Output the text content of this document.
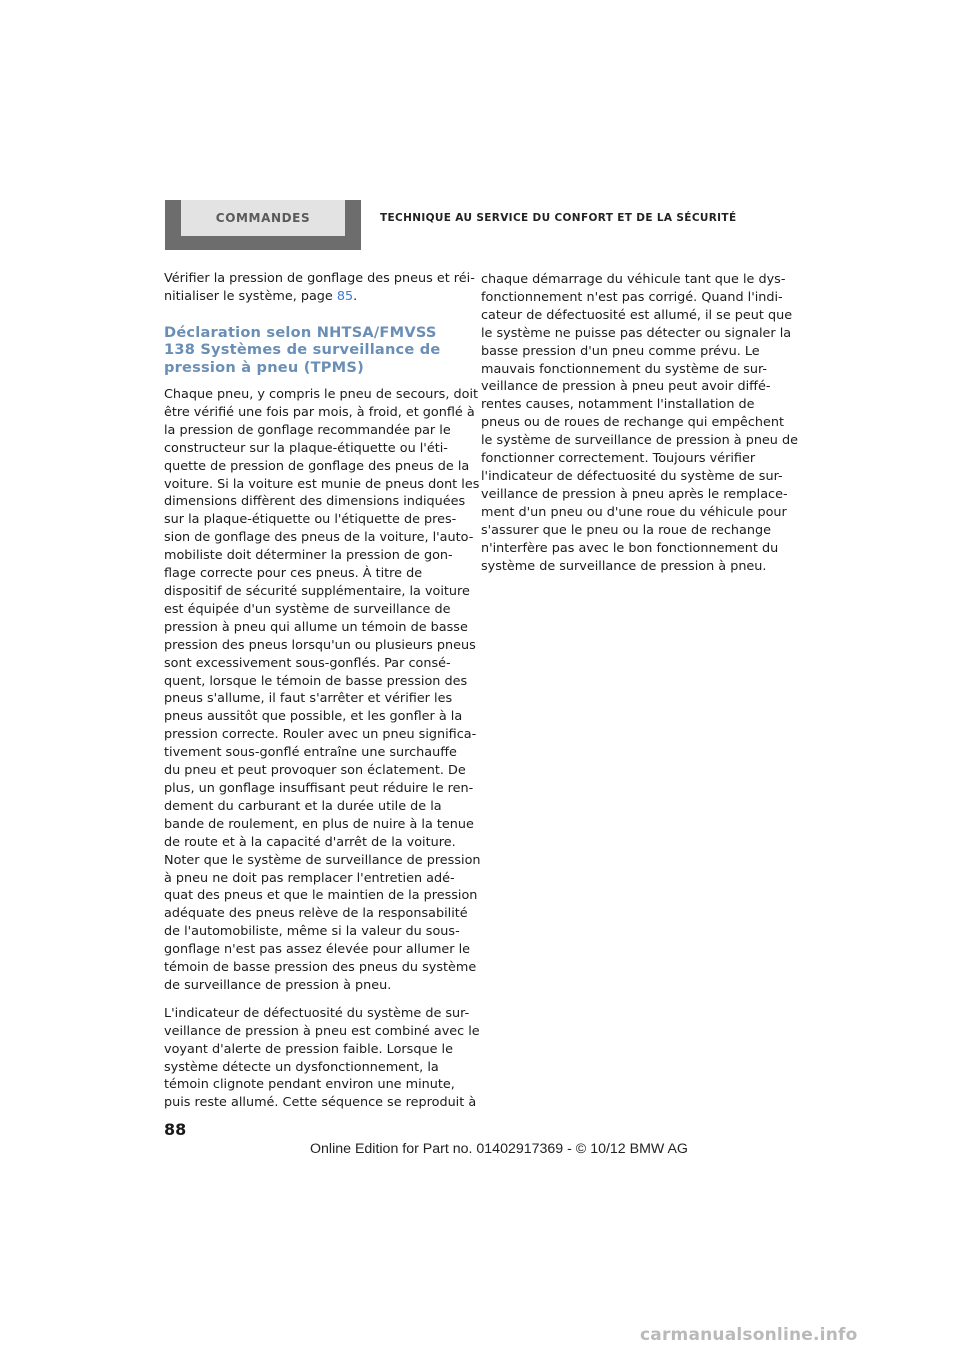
COMMANDES	TECHNIQUE AU SERVICE DU CONFORT ET DE LA SÉCURITÉ

Vérifier la pression de gonflage des pneus et réi-
nitialiser le système, page 85.

Déclaration selon NHTSA/FMVSS
138 Systèmes de surveillance de
pression à pneu (TPMS)

Chaque pneu, y compris le pneu de secours, doit
être vérifié une fois par mois, à froid, et gonflé à
la pression de gonflage recommandée par le
constructeur sur la plaque-étiquette ou l'éti-
quette de pression de gonflage des pneus de la
voiture. Si la voiture est munie de pneus dont les
dimensions diffèrent des dimensions indiquées
sur la plaque-étiquette ou l'étiquette de pres-
sion de gonflage des pneus de la voiture, l'auto-
mobiliste doit déterminer la pression de gon-
flage correcte pour ces pneus. À titre de
dispositif de sécurité supplémentaire, la voiture
est équipée d'un système de surveillance de
pression à pneu qui allume un témoin de basse
pression des pneus lorsqu'un ou plusieurs pneus
sont excessivement sous-gonflés. Par consé-
quent, lorsque le témoin de basse pression des
pneus s'allume, il faut s'arrêter et vérifier les
pneus aussitôt que possible, et les gonfler à la
pression correcte. Rouler avec un pneu significa-
tivement sous-gonflé entraîne une surchauffe
du pneu et peut provoquer son éclatement. De
plus, un gonflage insuffisant peut réduire le ren-
dement du carburant et la durée utile de la
bande de roulement, en plus de nuire à la tenue
de route et à la capacité d'arrêt de la voiture.
Noter que le système de surveillance de pression
à pneu ne doit pas remplacer l'entretien adé-
quat des pneus et que le maintien de la pression
adéquate des pneus relève de la responsabilité
de l'automobiliste, même si la valeur du sous-
gonflage n'est pas assez élevée pour allumer le
témoin de basse pression des pneus du système
de surveillance de pression à pneu.

L'indicateur de défectuosité du système de sur-
veillance de pression à pneu est combiné avec le
voyant d'alerte de pression faible. Lorsque le
système détecte un dysfonctionnement, la
témoin clignote pendant environ une minute,
puis reste allumé. Cette séquence se reproduit à

chaque démarrage du véhicule tant que le dys-
fonctionnement n'est pas corrigé. Quand l'indi-
cateur de défectuosité est allumé, il se peut que
le système ne puisse pas détecter ou signaler la
basse pression d'un pneu comme prévu. Le
mauvais fonctionnement du système de sur-
veillance de pression à pneu peut avoir diffé-
rentes causes, notamment l'installation de
pneus ou de roues de rechange qui empêchent
le système de surveillance de pression à pneu de
fonctionner correctement. Toujours vérifier
l'indicateur de défectuosité du système de sur-
veillance de pression à pneu après le remplace-
ment d'un pneu ou d'une roue du véhicule pour
s'assurer que le pneu ou la roue de rechange
n'interfère pas avec le bon fonctionnement du
système de surveillance de pression à pneu.

88
Online Edition for Part no. 01402917369 - © 10/12 BMW AG
carmanualsonline.info
